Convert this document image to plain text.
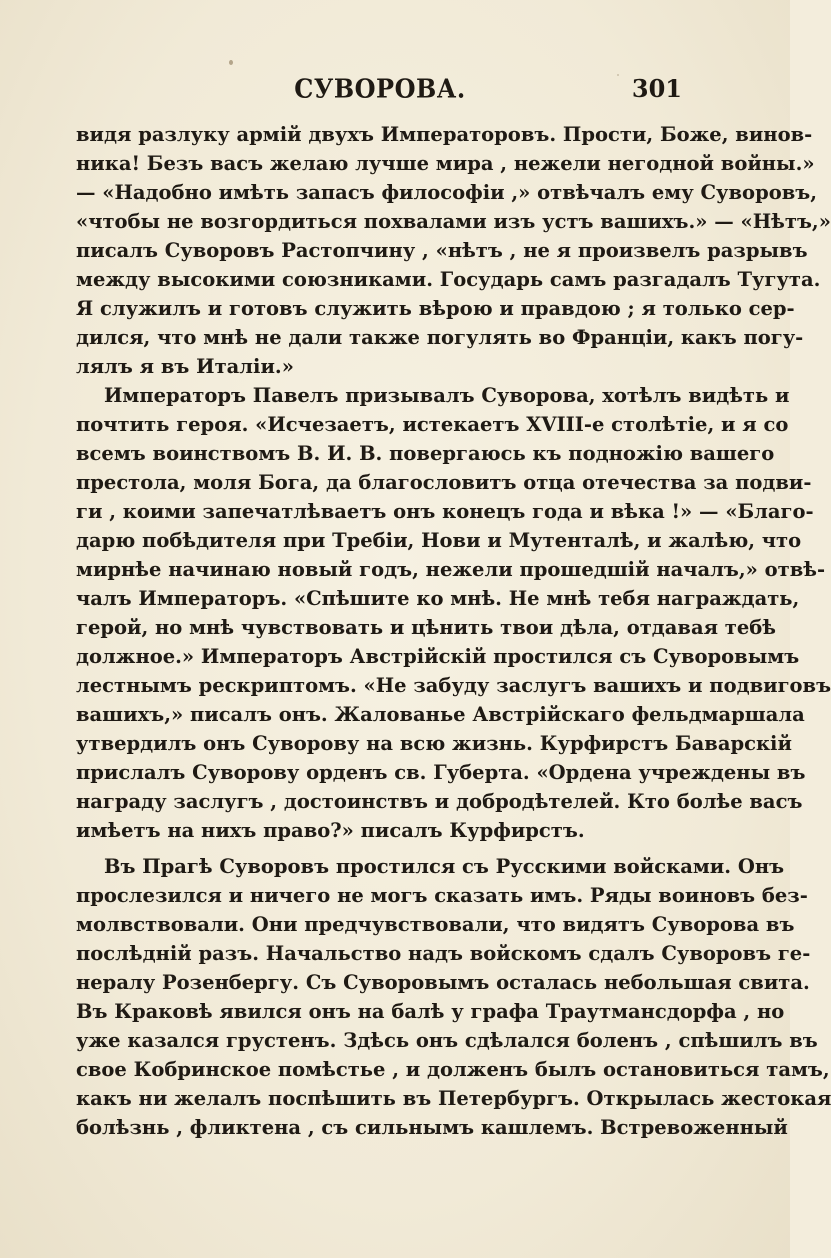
СУВОРОВА.	301
видя разлуку армій двухъ Императоровъ. Прости, Боже, винов-
ника! Безъ васъ желаю лучше мира , нежели негодной войны.»
— «Надобно имѣть запасъ философіи ,» отвѣчалъ ему Суворовъ,
«чтобы не возгордиться похвалами изъ устъ вашихъ.» — «Нѣтъ,»
писалъ Суворовъ Растопчину , «нѣтъ , не я произвелъ разрывъ
между высокими союзниками. Государь самъ разгадалъ Тугута.
Я служилъ и готовъ служить вѣрою и правдою ; я только сер-
дился, что мнѣ не дали также погулять во Франціи, какъ погу-
лялъ я въ Италіи.»
Императоръ Павелъ призывалъ Суворова, хотѣлъ видѣть и
почтить героя. «Исчезаетъ, истекаетъ XVIII-е столѣтіе, и я со
всемъ воинствомъ В. И. В. повергаюсь къ подножію вашего
престола, моля Бога, да благословитъ отца отечества за подви-
ги , коими запечатлѣваетъ онъ конецъ года и вѣка !» — «Благо-
дарю побѣдителя при Требіи, Нови и Мутенталѣ, и жалѣю, что
мирнѣе начинаю новый годъ, нежели прошедшій началъ,» отвѣ-
чалъ Императоръ. «Спѣшите ко мнѣ. Не мнѣ тебя награждать,
герой, но мнѣ чувствовать и цѣнить твои дѣла, отдавая тебѣ
должное.» Императоръ Австрійскій простился съ Суворовымъ
лестнымъ рескриптомъ. «Не забуду заслугъ вашихъ и подвиговъ
вашихъ,» писалъ онъ. Жалованье Австрійскаго фельдмаршала
утвердилъ онъ Суворову на всю жизнь. Курфирстъ Баварскій
прислалъ Суворову орденъ св. Губерта. «Ордена учреждены въ
награду заслугъ , достоинствъ и добродѣтелей. Кто болѣе васъ
имѣетъ на нихъ право?» писалъ Курфирстъ.
Въ Прагѣ Суворовъ простился съ Русскими войсками. Онъ
прослезился и ничего не могъ сказать имъ. Ряды воиновъ без-
молвствовали. Они предчувствовали, что видятъ Суворова въ
послѣдній разъ. Начальство надъ войскомъ сдалъ Суворовъ ге-
нералу Розенбергу. Съ Суворовымъ осталась небольшая свита.
Въ Краковѣ явился онъ на балѣ у графа Траутмансдорфа , но
уже казался грустенъ. Здѣсь онъ сдѣлался боленъ , спѣшилъ въ
свое Кобринское помѣстье , и долженъ былъ остановиться тамъ,
какъ ни желалъ поспѣшить въ Петербургъ. Открылась жестокая
болѣзнь , фликтена , съ сильнымъ кашлемъ. Встревоженный
